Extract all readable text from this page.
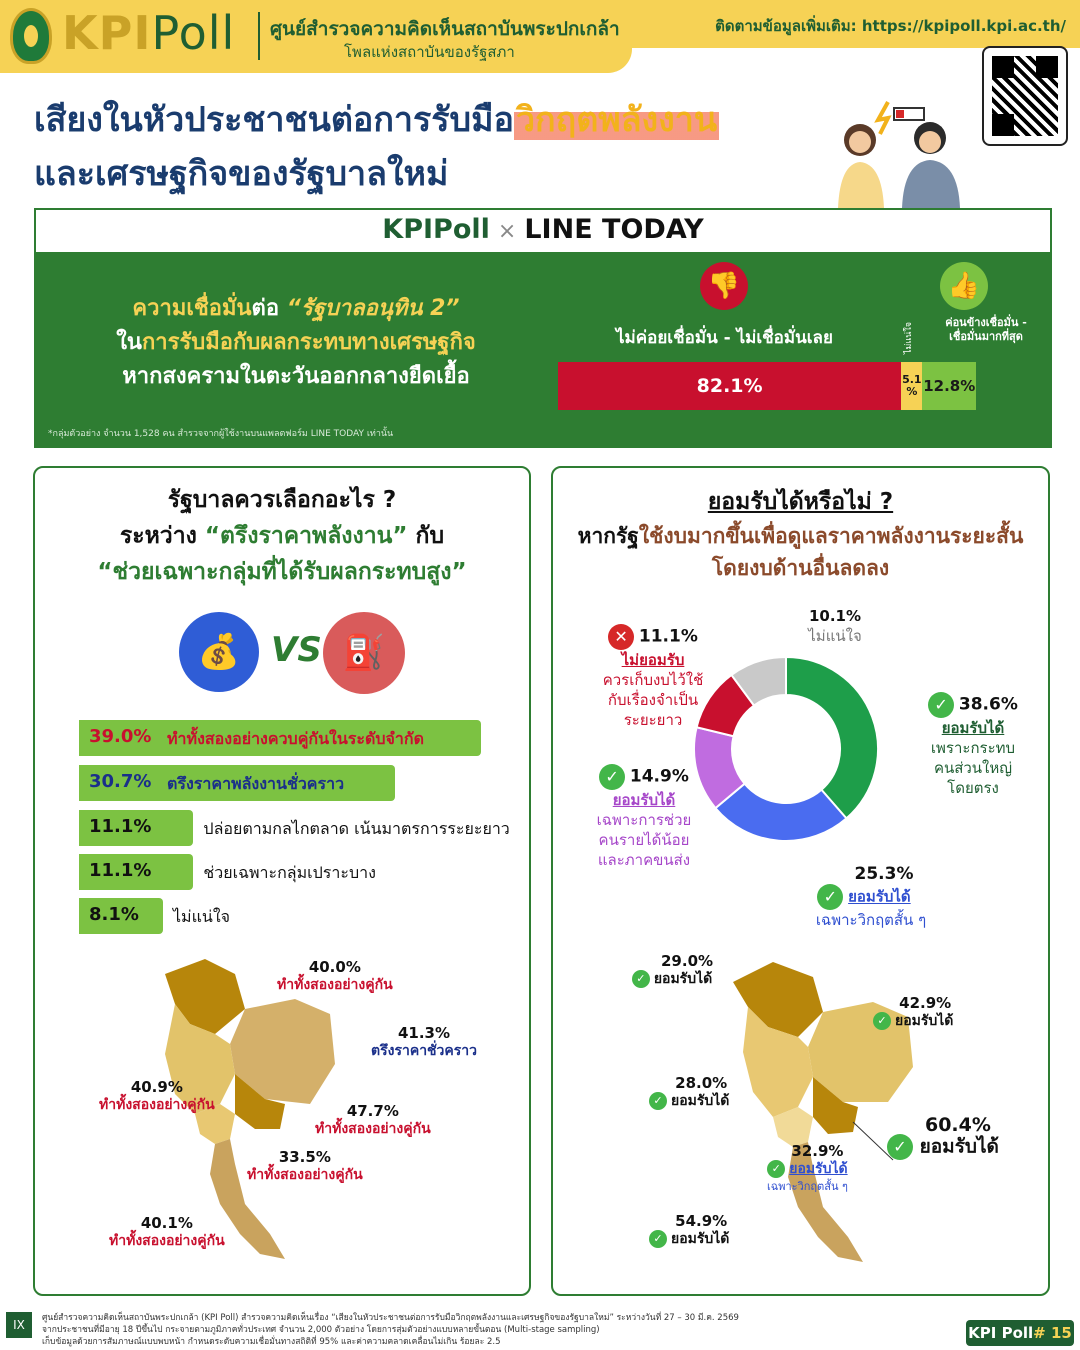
KPIPoll ศูนย์สำรวจความคิดเห็นสถาบันพระปกเกล้า
โพลแห่งสถาบันของรัฐสภา
ติดตามข้อมูลเพิ่มเติม: https://kpipoll.kpi.ac.th/
เสียงในหัวประชาชนต่อการรับมือวิกฤตพลังงาน
และเศรษฐกิจของรัฐบาลใหม่
KPIPoll × LINE TODAY
ความเชื่อมั่นต่อ “รัฐบาลอนุทิน 2”
ในการรับมือกับผลกระทบทางเศรษฐกิจ
หากสงครามในตะวันออกกลางยืดเยื้อ
*กลุ่มตัวอย่าง จำนวน 1,528 คน สำรวจจากผู้ใช้งานบนแพลตฟอร์ม LINE TODAY เท่านั้น
👎	👍
ไม่ค่อยเชื่อมั่น - ไม่เชื่อมั่นเลย	ไม่แน่ใจ	ค่อนข้างเชื่อมั่น -
เชื่อมั่นมากที่สุด
82.1%	5.1 % 12.8%
รัฐบาลควรเลือกอะไร ?
ระหว่าง “ตรึงราคาพลังงาน” กับ
“ช่วยเฉพาะกลุ่มที่ได้รับผลกระทบสูง”
💰 VS ⛽
39.0% ทำทั้งสองอย่างควบคู่กันในระดับจำกัด
30.7% ตรึงราคาพลังงานชั่วคราว
11.1%	ปล่อยตามกลไกตลาด เน้นมาตรการระยะยาว
11.1%	ช่วยเฉพาะกลุ่มเปราะบาง
8.1% ไม่แน่ใจ
40.0%
ทำทั้งสองอย่างคู่กัน
41.3%
ตรึงราคาชั่วคราว
40.9%
ทำทั้งสองอย่างคู่กัน	47.7%
ทำทั้งสองอย่างคู่กัน
33.5%
ทำทั้งสองอย่างคู่กัน
40.1%
ทำทั้งสองอย่างคู่กัน
ยอมรับได้หรือไม่ ?
หากรัฐใช้งบมากขึ้นเพื่อดูแลราคาพลังงานระยะสั้น
โดยงบด้านอื่นลดลง
✓ 38.6%
ยอมรับได้
เพราะกระทบ
คนส่วนใหญ่
โดยตรง
25.3%
✓ ยอมรับได้
เฉพาะวิกฤตสั้น ๆ
✓ 14.9%
ยอมรับได้
เฉพาะการช่วย
คนรายได้น้อย
และภาคขนส่ง
✕ 11.1%
ไม่ยอมรับ
ควรเก็บงบไว้ใช้
กับเรื่องจำเป็น
ระยะยาว
10.1%
ไม่แน่ใจ
29.0%
✓ ยอมรับได้
42.9%
✓ ยอมรับได้
28.0%
✓ ยอมรับได้
60.4%
✓ ยอมรับได้
32.9%
✓ ยอมรับได้
เฉพาะวิกฤตสั้น ๆ
54.9%
✓ ยอมรับได้
IX	ศูนย์สำรวจความคิดเห็นสถาบันพระปกเกล้า (KPI Poll) สำรวจความคิดเห็นเรื่อง “เสียงในหัวประชาชนต่อการรับมือวิกฤตพลังงานและเศรษฐกิจของรัฐบาลใหม่” ระหว่างวันที่ 27 – 30 มี.ค. 2569
จากประชาชนที่มีอายุ 18 ปีขึ้นไป กระจายตามภูมิภาคทั่วประเทศ จำนวน 2,000 ตัวอย่าง โดยการสุ่มตัวอย่างแบบหลายขั้นตอน (Multi-stage sampling)
เก็บข้อมูลด้วยการสัมภาษณ์แบบพบหน้า กำหนดระดับความเชื่อมั่นทางสถิติที่ 95% และค่าความคลาดเคลื่อนไม่เกิน ร้อยละ 2.5	KPI Poll# 15
